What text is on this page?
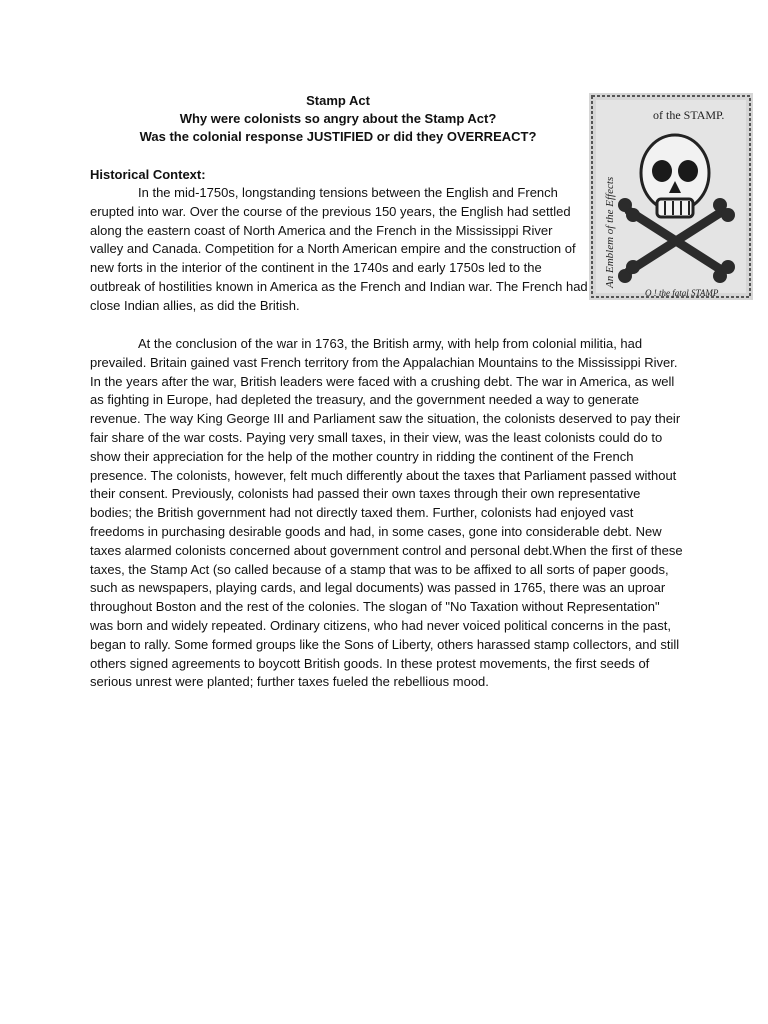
Stamp Act
Why were colonists so angry about the Stamp Act?
Was the colonial response JUSTIFIED or did they OVERREACT?
of the STAMP.
An Emblem of the Effects
O ! the fatal STAMP
Historical Context:

In the mid-1750s, longstanding tensions between the English and French erupted into war. Over the course of the previous 150 years, the English had settled along the eastern coast of North America and the French in the Mississippi River valley and Canada. Competition for a North American empire and the construction of new forts in the interior of the continent in the 1740s and early 1750s led to the outbreak of hostilities known in America as the French and Indian war. The French had close Indian allies, as did the British.

At the conclusion of the war in 1763, the British army, with help from colonial militia, had prevailed. Britain gained vast French territory from the Appalachian Mountains to the Mississippi River. In the years after the war, British leaders were faced with a crushing debt. The war in America, as well as fighting in Europe, had depleted the treasury, and the government needed a way to generate revenue. The way King George III and Parliament saw the situation, the colonists deserved to pay their fair share of the war costs. Paying very small taxes, in their view, was the least colonists could do to show their appreciation for the help of the mother country in ridding the continent of the French presence. The colonists, however, felt much differently about the taxes that Parliament passed without their consent. Previously, colonists had passed their own taxes through their own representative bodies; the British government had not directly taxed them. Further, colonists had enjoyed vast freedoms in purchasing desirable goods and had, in some cases, gone into considerable debt. New taxes alarmed colonists concerned about government control and personal debt.When the first of these taxes, the Stamp Act (so called because of a stamp that was to be affixed to all sorts of paper goods, such as newspapers, playing cards, and legal documents) was passed in 1765, there was an uproar throughout Boston and the rest of the colonies. The slogan of "No Taxation without Representation" was born and widely repeated. Ordinary citizens, who had never voiced political concerns in the past, began to rally. Some formed groups like the Sons of Liberty, others harassed stamp collectors, and still others signed agreements to boycott British goods. In these protest movements, the first seeds of serious unrest were planted; further taxes fueled the rebellious mood.
